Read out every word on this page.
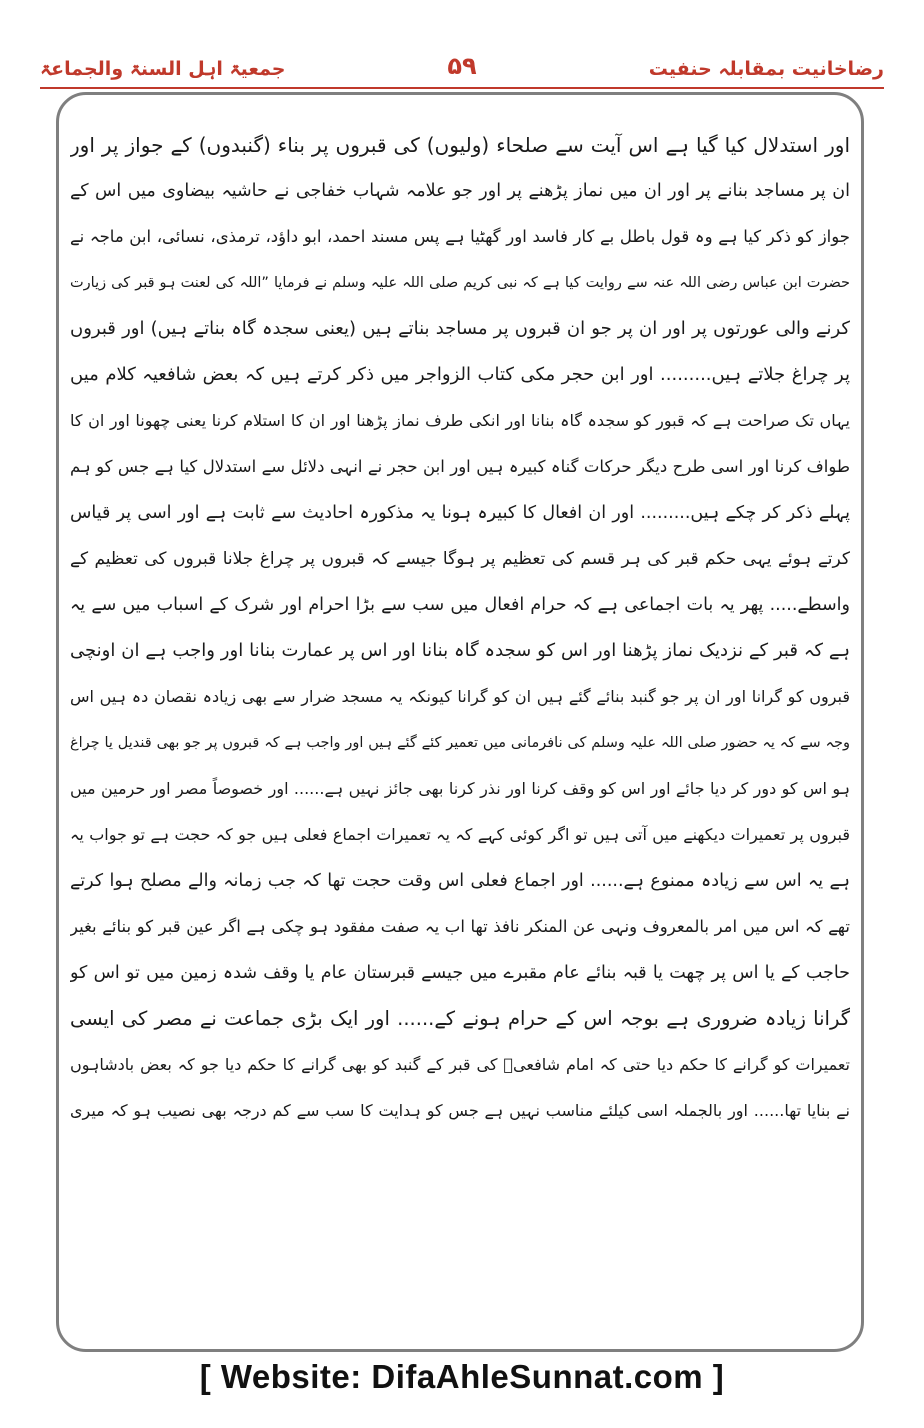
جمعیۃ اہل السنۃ والجماعۃ	۵۹	رضاخانیت بمقابلہ حنفیت
اور استدلال کیا گیا ہے اس آیت سے صلحاء (ولیوں) کی قبروں پر بناء (گنبدوں) کے جواز پر اور
ان پر مساجد بنانے پر اور ان میں نماز پڑھنے پر اور جو علامہ شہاب خفاجی نے حاشیہ بیضاوی میں اس کے
جواز کو ذکر کیا ہے وہ قول باطل بے کار فاسد اور گھٹیا ہے پس مسند احمد، ابو داؤد، ترمذی، نسائی، ابن ماجہ نے
حضرت ابن عباس رضی اللہ عنہ سے روایت کیا ہے کہ نبی کریم صلی اللہ علیہ وسلم نے فرمایا ”اللہ کی لعنت ہو قبر کی زیارت
کرنے والی عورتوں پر اور ان پر جو ان قبروں پر مساجد بناتے ہیں (یعنی سجدہ گاہ بناتے ہیں) اور قبروں
پر چراغ جلاتے ہیں......... اور ابن حجر مکی کتاب الزواجر میں ذکر کرتے ہیں کہ بعض شافعیہ کلام میں
یہاں تک صراحت ہے کہ قبور کو سجدہ گاہ بنانا اور انکی طرف نماز پڑھنا اور ان کا استلام کرنا یعنی چھونا اور ان کا
طواف کرنا اور اسی طرح دیگر حرکات گناہ کبیرہ ہیں اور ابن حجر نے انہی دلائل سے استدلال کیا ہے جس کو ہم
پہلے ذکر کر چکے ہیں......... اور ان افعال کا کبیرہ ہونا یہ مذکورہ احادیث سے ثابت ہے اور اسی پر قیاس
کرتے ہوئے یہی حکم قبر کی ہر قسم کی تعظیم پر ہوگا جیسے کہ قبروں پر چراغ جلانا قبروں کی تعظیم کے
واسطے..... پھر یہ بات اجماعی ہے کہ حرام افعال میں سب سے بڑا احرام اور شرک کے اسباب میں سے یہ
ہے کہ قبر کے نزدیک نماز پڑھنا اور اس کو سجدہ گاہ بنانا اور اس پر عمارت بنانا اور واجب ہے ان اونچی
قبروں کو گرانا اور ان پر جو گنبد بنائے گئے ہیں ان کو گرانا کیونکہ یہ مسجد ضرار سے بھی زیادہ نقصان دہ ہیں اس
وجہ سے کہ یہ حضور صلی اللہ علیہ وسلم کی نافرمانی میں تعمیر کئے گئے ہیں اور واجب ہے کہ قبروں پر جو بھی قندیل یا چراغ
ہو اس کو دور کر دیا جائے اور اس کو وقف کرنا اور نذر کرنا بھی جائز نہیں ہے...... اور خصوصاً مصر اور حرمین میں
قبروں پر تعمیرات دیکھنے میں آتی ہیں تو اگر کوئی کہے کہ یہ تعمیرات اجماع فعلی ہیں جو کہ حجت ہے تو جواب یہ
ہے یہ اس سے زیادہ ممنوع ہے...... اور اجماع فعلی اس وقت حجت تھا کہ جب زمانہ والے مصلح ہوا کرتے
تھے کہ اس میں امر بالمعروف ونہی عن المنکر نافذ تھا اب یہ صفت مفقود ہو چکی ہے اگر عین قبر کو بنائے بغیر
حاجب کے یا اس پر چھت یا قبہ بنائے عام مقبرے میں جیسے قبرستان عام یا وقف شدہ زمین میں تو اس کو
گرانا زیادہ ضروری ہے بوجہ اس کے حرام ہونے کے...... اور ایک بڑی جماعت نے مصر کی ایسی
تعمیرات کو گرانے کا حکم دیا حتی کہ امام شافعیؒ کی قبر کے گنبد کو بھی گرانے کا حکم دیا جو کہ بعض بادشاہوں
نے بنایا تھا...... اور بالجملہ اسی کیلئے مناسب نہیں ہے جس کو ہدایت کا سب سے کم درجہ بھی نصیب ہو کہ میری
[ Website: DifaAhleSunnat.com ]
